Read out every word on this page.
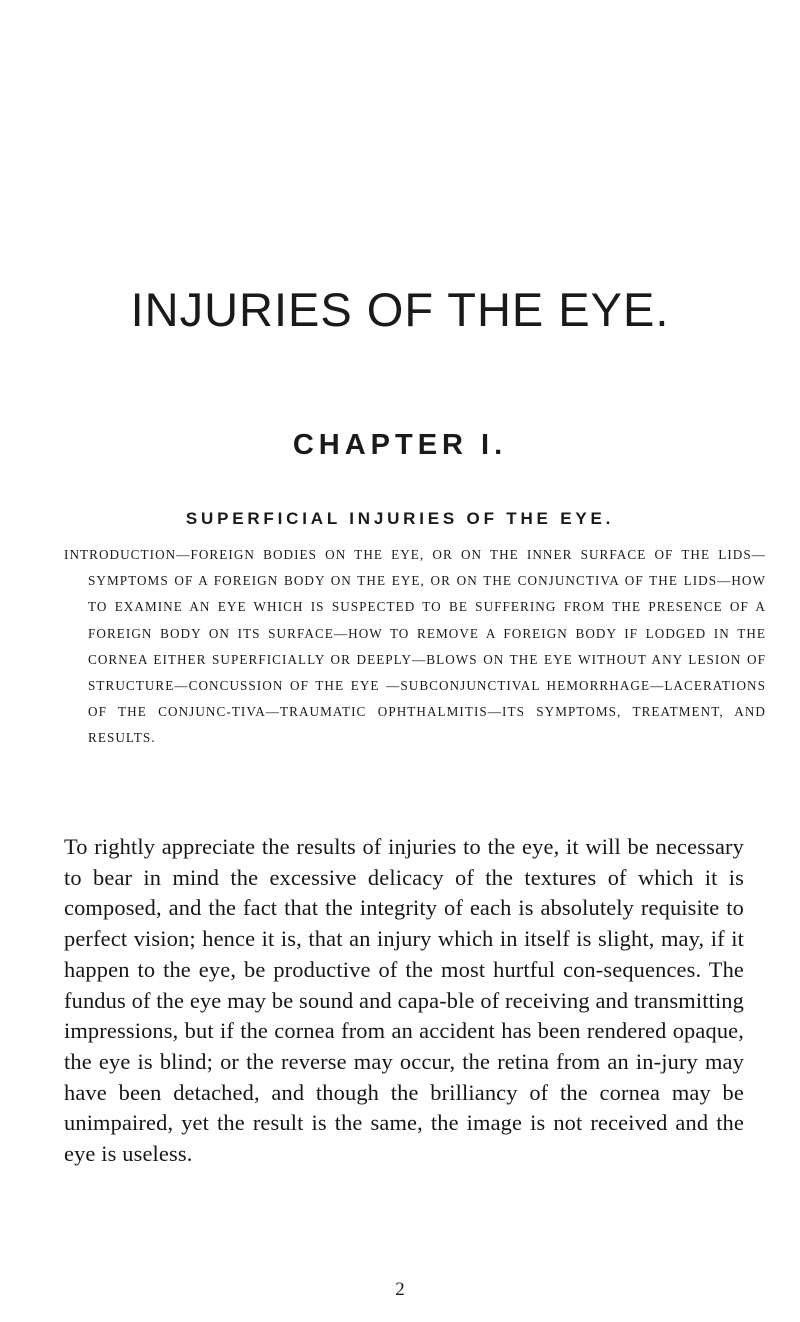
INJURIES OF THE EYE.
CHAPTER I.
SUPERFICIAL INJURIES OF THE EYE.

INTRODUCTION—FOREIGN BODIES ON THE EYE, OR ON THE INNER SURFACE OF THE LIDS—SYMPTOMS OF A FOREIGN BODY ON THE EYE, OR ON THE CONJUNCTIVA OF THE LIDS—HOW TO EXAMINE AN EYE WHICH IS SUSPECTED TO BE SUFFERING FROM THE PRESENCE OF A FOREIGN BODY ON ITS SURFACE—HOW TO REMOVE A FOREIGN BODY IF LODGED IN THE CORNEA EITHER SUPERFICIALLY OR DEEPLY—BLOWS ON THE EYE WITHOUT ANY LESION OF STRUCTURE—CONCUSSION OF THE EYE —SUBCONJUNCTIVAL HEMORRHAGE—LACERATIONS OF THE CONJUNC-TIVA—TRAUMATIC OPHTHALMITIS—ITS SYMPTOMS, TREATMENT, AND RESULTS.

To rightly appreciate the results of injuries to the eye, it will be necessary to bear in mind the excessive delicacy of the textures of which it is composed, and the fact that the integrity of each is absolutely requisite to perfect vision; hence it is, that an injury which in itself is slight, may, if it happen to the eye, be productive of the most hurtful con-sequences. The fundus of the eye may be sound and capa-ble of receiving and transmitting impressions, but if the cornea from an accident has been rendered opaque, the eye is blind; or the reverse may occur, the retina from an in-jury may have been detached, and though the brilliancy of the cornea may be unimpaired, yet the result is the same, the image is not received and the eye is useless.

2
